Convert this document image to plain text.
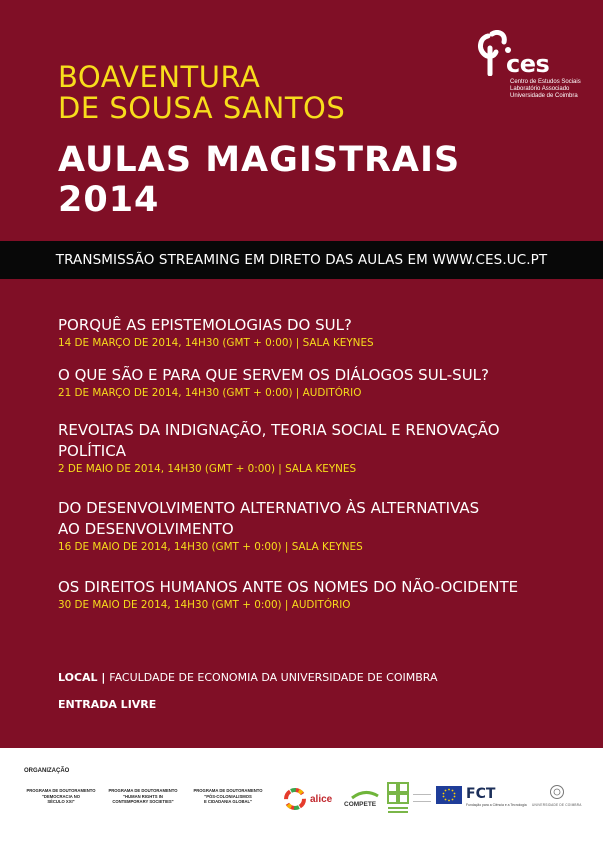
ces
Centro de Estudos Sociais
Laboratório Associado
Universidade de Coimbra
BOAVENTURA
DE SOUSA SANTOS
AULAS MAGISTRAIS
2014
TRANSMISSÃO STREAMING EM DIRETO DAS AULAS EM WWW.CES.UC.PT
PORQUÊ AS EPISTEMOLOGIAS DO SUL?
14 DE MARÇO DE 2014, 14H30 (GMT + 0:00) | SALA KEYNES
O QUE SÃO E PARA QUE SERVEM OS DIÁLOGOS SUL-SUL?
21 DE MARÇO DE 2014, 14H30 (GMT + 0:00) | AUDITÓRIO
REVOLTAS DA INDIGNAÇÃO, TEORIA SOCIAL E RENOVAÇÃO
POLÍTICA
2 DE MAIO DE 2014, 14H30 (GMT + 0:00) | SALA KEYNES
DO DESENVOLVIMENTO ALTERNATIVO ÀS ALTERNATIVAS
AO DESENVOLVIMENTO
16 DE MAIO DE 2014, 14H30 (GMT + 0:00) | SALA KEYNES
OS DIREITOS HUMANOS ANTE OS NOMES DO NÃO-OCIDENTE
30 DE MAIO DE 2014, 14H30 (GMT + 0:00) | AUDITÓRIO
LOCAL | FACULDADE DE ECONOMIA DA UNIVERSIDADE DE COIMBRA
ENTRADA LIVRE
ORGANIZAÇÃO
PROGRAMA DE DOUTORAMENTO
"DEMOCRACIA NO
SÉCULO XXI"
PROGRAMA DE DOUTORAMENTO
"HUMAN RIGHTS IN
CONTEMPORARY SOCIETIES"
PROGRAMA DE DOUTORAMENTO
"PÓS-COLONIALISMOS
E CIDADANIA GLOBAL"	alice COMPETE
FCT
Fundação para a Ciência e a Tecnologia UNIVERSIDADE DE COIMBRA
